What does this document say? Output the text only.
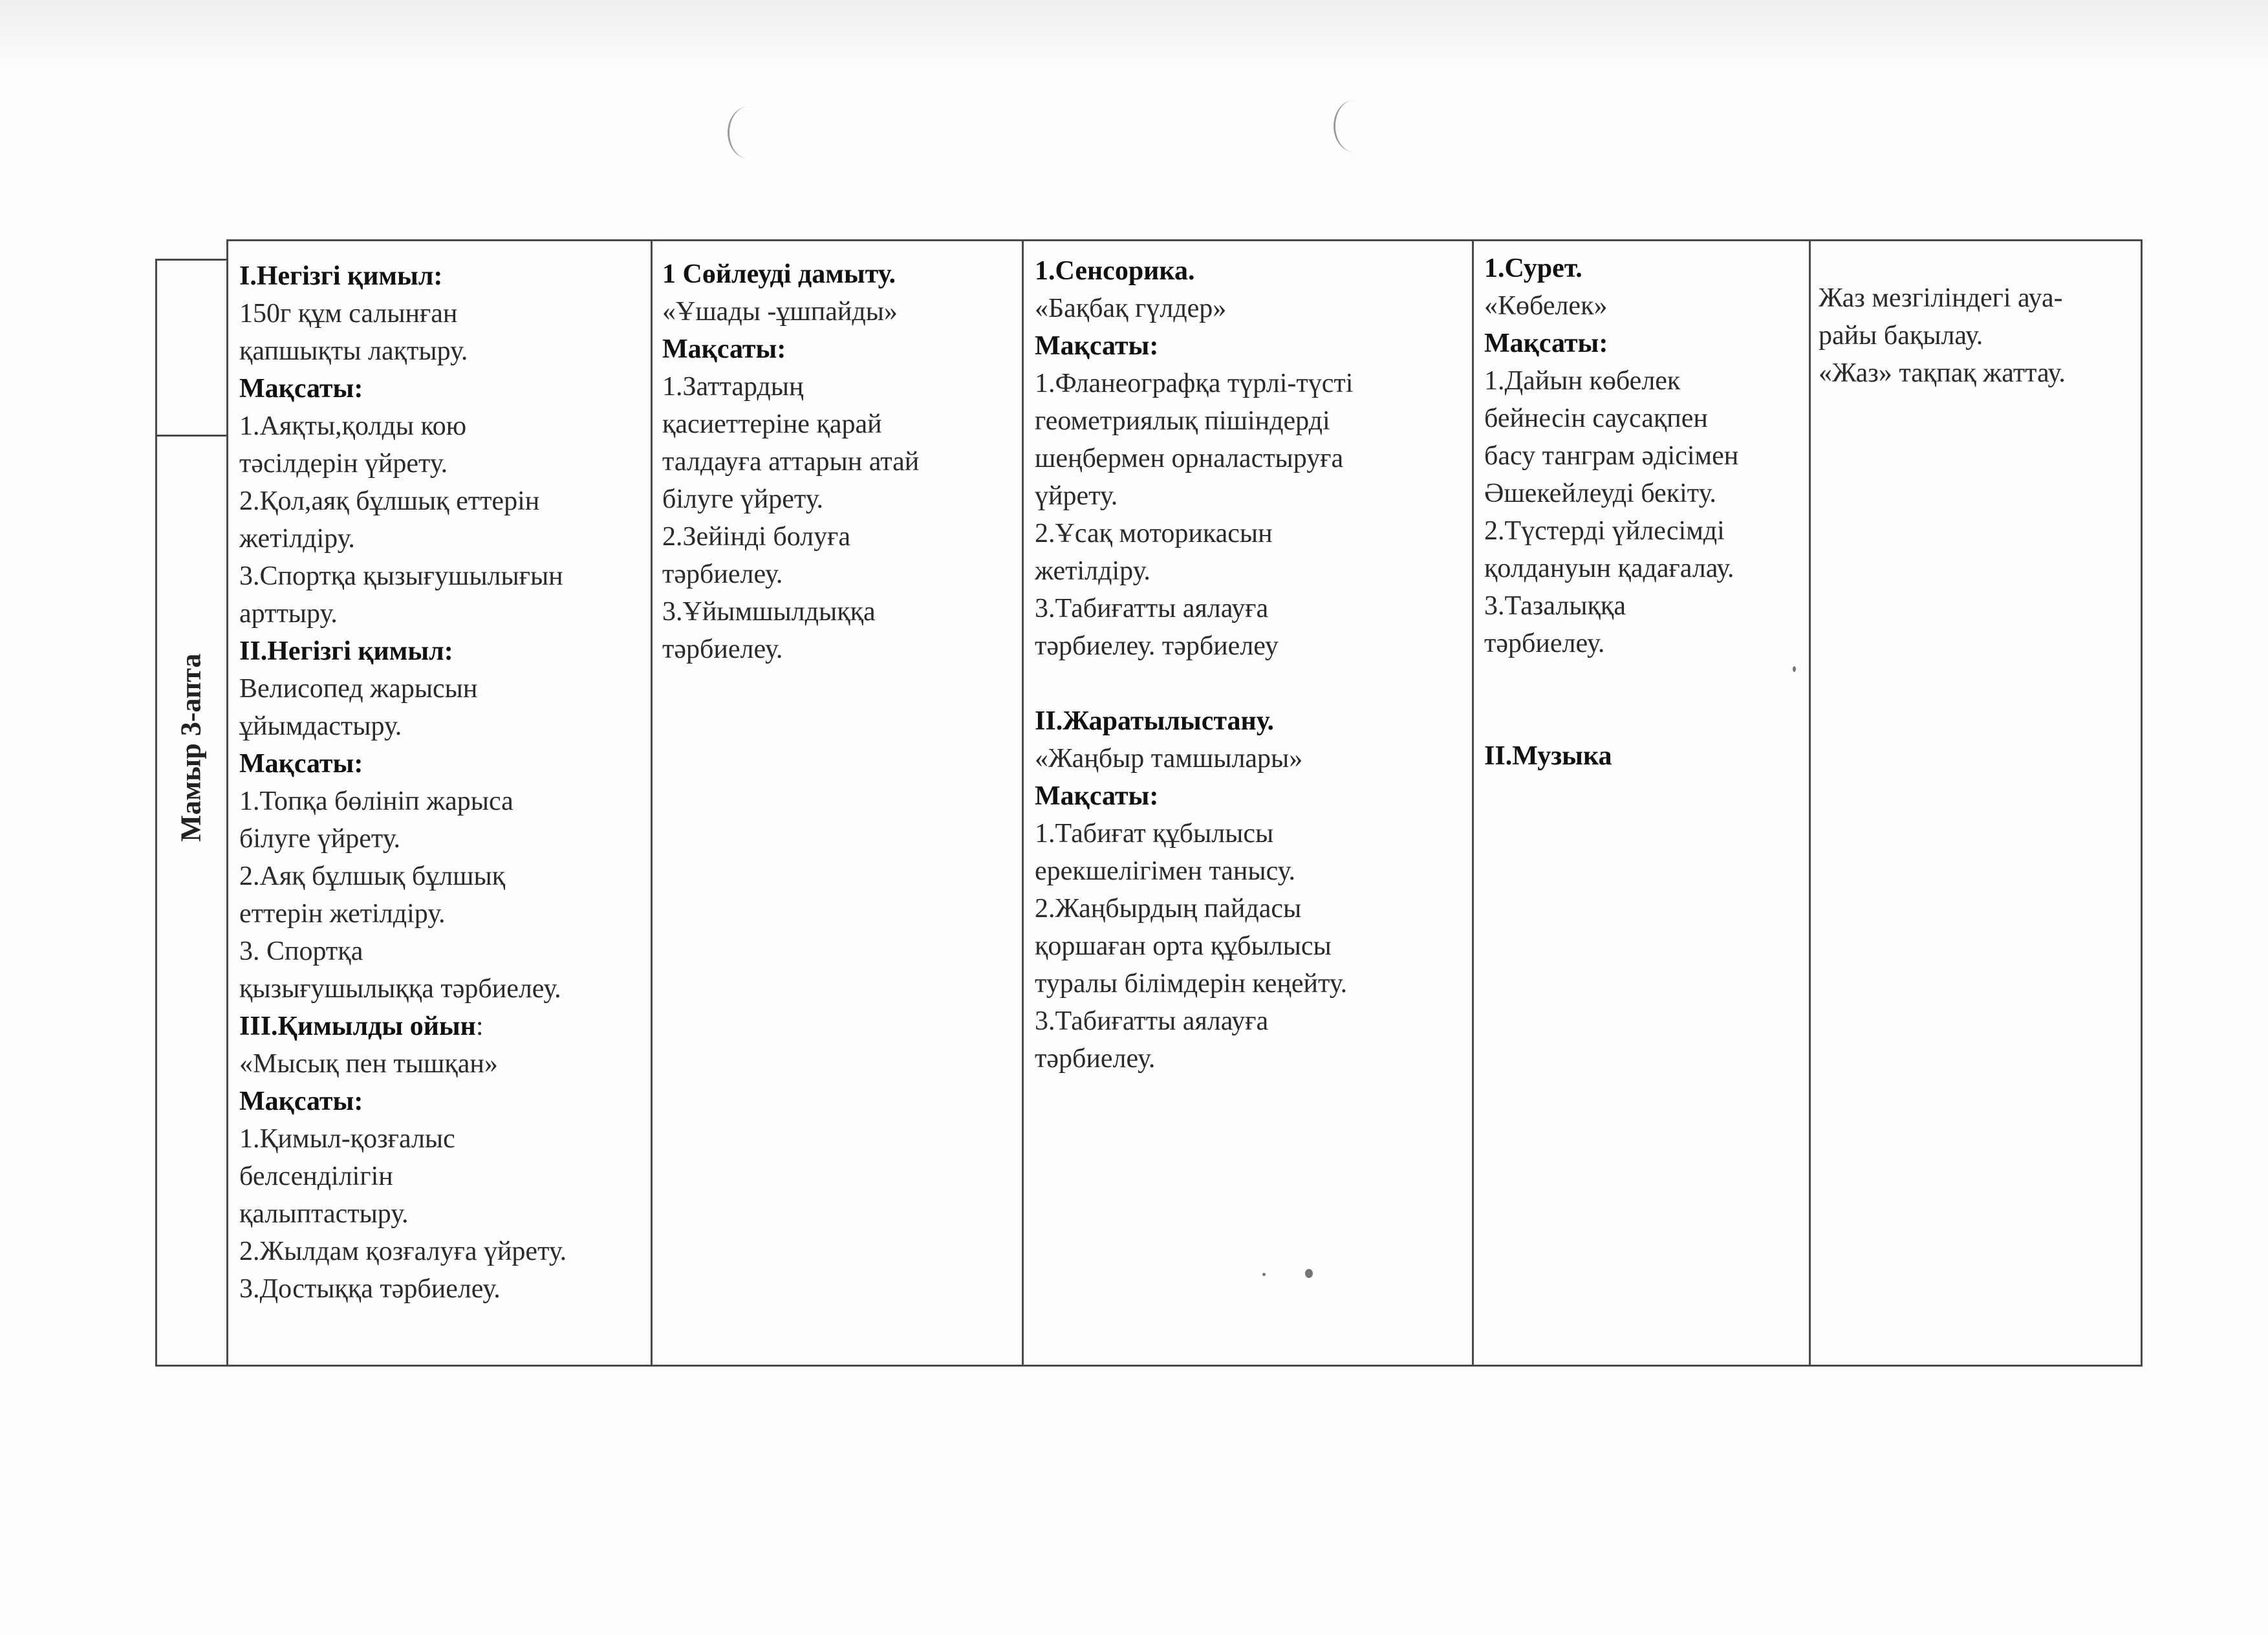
Мамыр 3-апта
I.Негізгі қимыл:
150г құм салынған
қапшықты лақтыру.
Мақсаты:
1.Аяқты,қолды кою
тәсілдерін үйрету.
2.Қол,аяқ бұлшық еттерін
жетілдіру.
3.Спортқа қызығушылығын
арттыру.
II.Негізгі қимыл:
Велисопед жарысын
ұйымдастыру.
Мақсаты:
1.Топқа бөлініп жарыса
білуге үйрету.
2.Аяқ бұлшық бұлшық
еттерін жетілдіру.
3. Спортқа
қызығушылыққа тәрбиелеу.
III.Қимылды ойын:
«Мысық пен тышқан»
Мақсаты:
1.Қимыл-қозғалыс
белсенділігін
қалыптастыру.
2.Жылдам қозғалуға үйрету.
3.Достыққа тәрбиелеу.
1 Сөйлеуді дамыту.
«Ұшады -ұшпайды»
Мақсаты:
1.Заттардың
қасиеттеріне қарай
талдауға аттарын атай
білуге үйрету.
2.Зейінді болуға
тәрбиелеу.
3.Ұйымшылдыққа
тәрбиелеу.
1.Сенсорика.
«Бақбақ гүлдер»
Мақсаты:
1.Фланеографқа түрлі-түсті
геометриялық пішіндерді
шеңбермен орналастыруға
үйрету.
2.Ұсақ моторикасын
жетілдіру.
3.Табиғатты аялауға
тәрбиелеу. тәрбиелеу

II.Жаратылыстану.
«Жаңбыр тамшылары»
Мақсаты:
1.Табиғат құбылысы
ерекшелігімен танысу.
2.Жаңбырдың пайдасы
қоршаған орта құбылысы
туралы білімдерін кеңейту.
3.Табиғатты аялауға
тәрбиелеу.
1.Сурет.
«Көбелек»
Мақсаты:
1.Дайын көбелек
бейнесін саусақпен
басу танграм әдісімен
Әшекейлеуді бекіту.
2.Түстерді үйлесімді
қолдануын қадағалау.
3.Тазалыққа
тәрбиелеу.

II.Музыка
Жаз мезгіліндегі ауа-
райы бақылау.
«Жаз» тақпақ жаттау.
